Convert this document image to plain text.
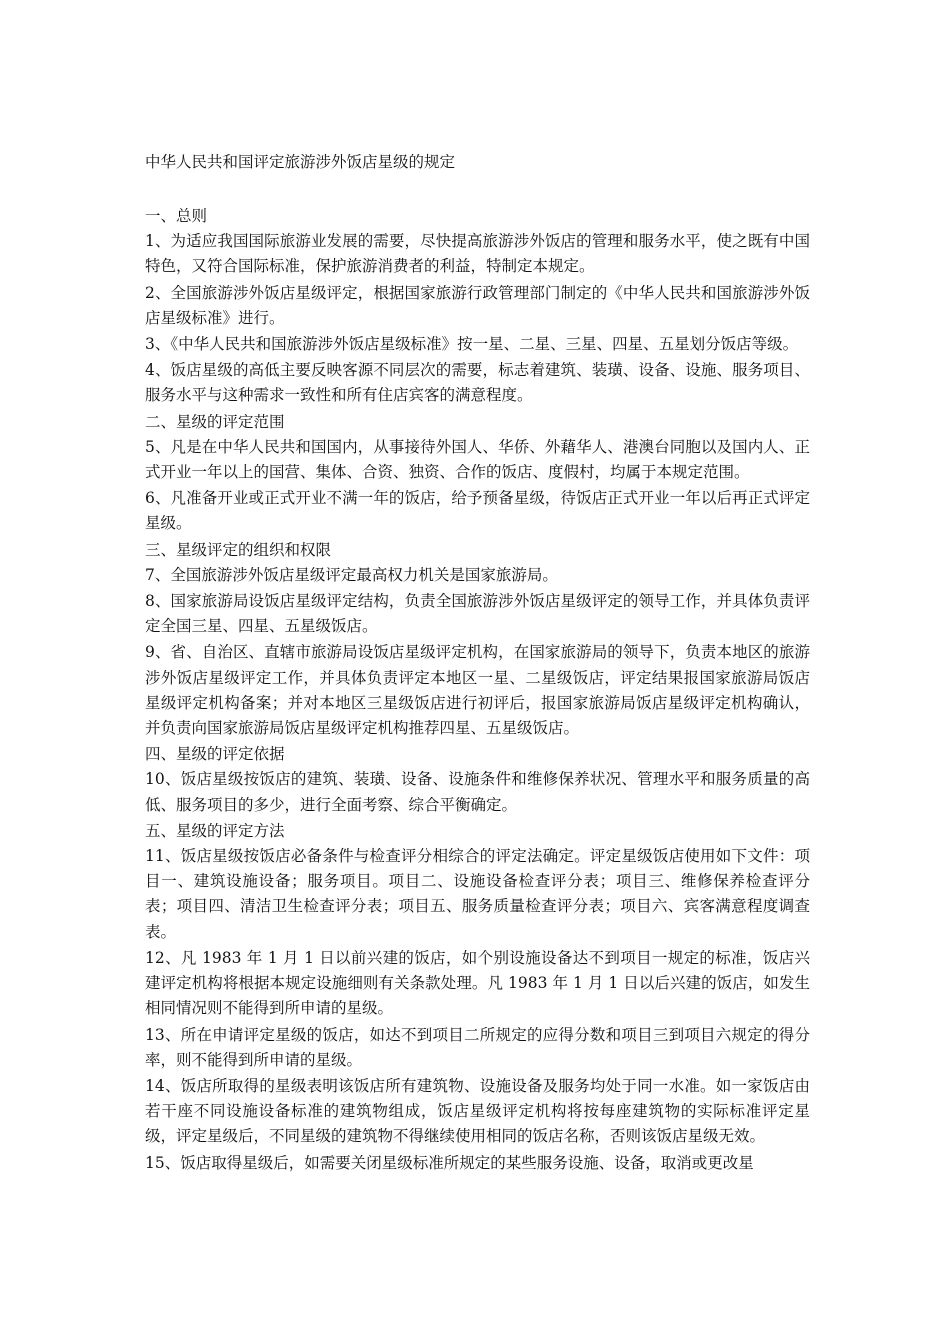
中华人民共和国评定旅游涉外饭店星级的规定

一、总则

1、为适应我国国际旅游业发展的需要，尽快提高旅游涉外饭店的管理和服务水平，使之既有中国特色，又符合国际标准，保护旅游消费者的利益，特制定本规定。

2、全国旅游涉外饭店星级评定，根据国家旅游行政管理部门制定的《中华人民共和国旅游涉外饭店星级标准》进行。

3、《中华人民共和国旅游涉外饭店星级标准》按一星、二星、三星、四星、五星划分饭店等级。

4、饭店星级的高低主要反映客源不同层次的需要，标志着建筑、装璜、设备、设施、服务项目、服务水平与这种需求一致性和所有住店宾客的满意程度。

二、星级的评定范围

5、凡是在中华人民共和国国内，从事接待外国人、华侨、外藉华人、港澳台同胞以及国内人、正式开业一年以上的国营、集体、合资、独资、合作的饭店、度假村，均属于本规定范围。

6、凡准备开业或正式开业不满一年的饭店，给予预备星级，待饭店正式开业一年以后再正式评定星级。

三、星级评定的组织和权限

7、全国旅游涉外饭店星级评定最高权力机关是国家旅游局。

8、国家旅游局设饭店星级评定结构，负责全国旅游涉外饭店星级评定的领导工作，并具体负责评定全国三星、四星、五星级饭店。

9、省、自治区、直辖市旅游局设饭店星级评定机构，在国家旅游局的领导下，负责本地区的旅游涉外饭店星级评定工作，并具体负责评定本地区一星、二星级饭店，评定结果报国家旅游局饭店星级评定机构备案；并对本地区三星级饭店进行初评后，报国家旅游局饭店星级评定机构确认，并负责向国家旅游局饭店星级评定机构推荐四星、五星级饭店。

四、星级的评定依据

10、饭店星级按饭店的建筑、装璜、设备、设施条件和维修保养状况、管理水平和服务质量的高低、服务项目的多少，进行全面考察、综合平衡确定。

五、星级的评定方法

11、饭店星级按饭店必备条件与检查评分相综合的评定法确定。评定星级饭店使用如下文件：项目一、建筑设施设备；服务项目。项目二、设施设备检查评分表；项目三、维修保养检查评分表；项目四、清洁卫生检查评分表；项目五、服务质量检查评分表；项目六、宾客满意程度调查表。

12、凡 1983 年 1 月 1 日以前兴建的饭店，如个别设施设备达不到项目一规定的标准，饭店兴建评定机构将根据本规定设施细则有关条款处理。凡 1983 年 1 月 1 日以后兴建的饭店，如发生相同情况则不能得到所申请的星级。

13、所在申请评定星级的饭店，如达不到项目二所规定的应得分数和项目三到项目六规定的得分率，则不能得到所申请的星级。

14、饭店所取得的星级表明该饭店所有建筑物、设施设备及服务均处于同一水准。如一家饭店由若干座不同设施设备标准的建筑物组成，饭店星级评定机构将按每座建筑物的实际标准评定星级，评定星级后，不同星级的建筑物不得继续使用相同的饭店名称，否则该饭店星级无效。

15、饭店取得星级后，如需要关闭星级标准所规定的某些服务设施、设备，取消或更改星
